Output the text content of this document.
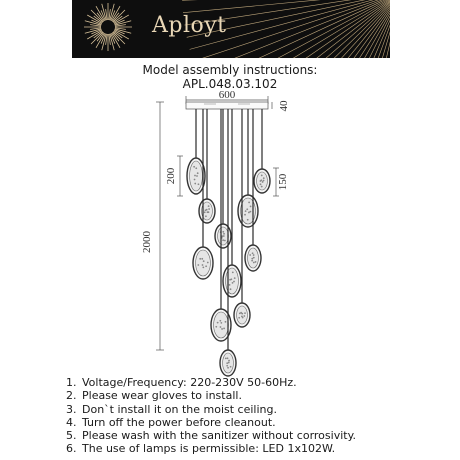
Aployt
Model assembly instructions:
APL.048.03.102
600
40
2000
200	150
1. Voltage/Frequency: 220-230V 50-60Hz.
2. Please wear gloves to install.
3. Don`t install it on the moist ceiling.
4. Turn off the power before cleanout.
5. Please wash with the sanitizer without corrosivity.
6. The use of lamps is permissible: LED 1x102W.
